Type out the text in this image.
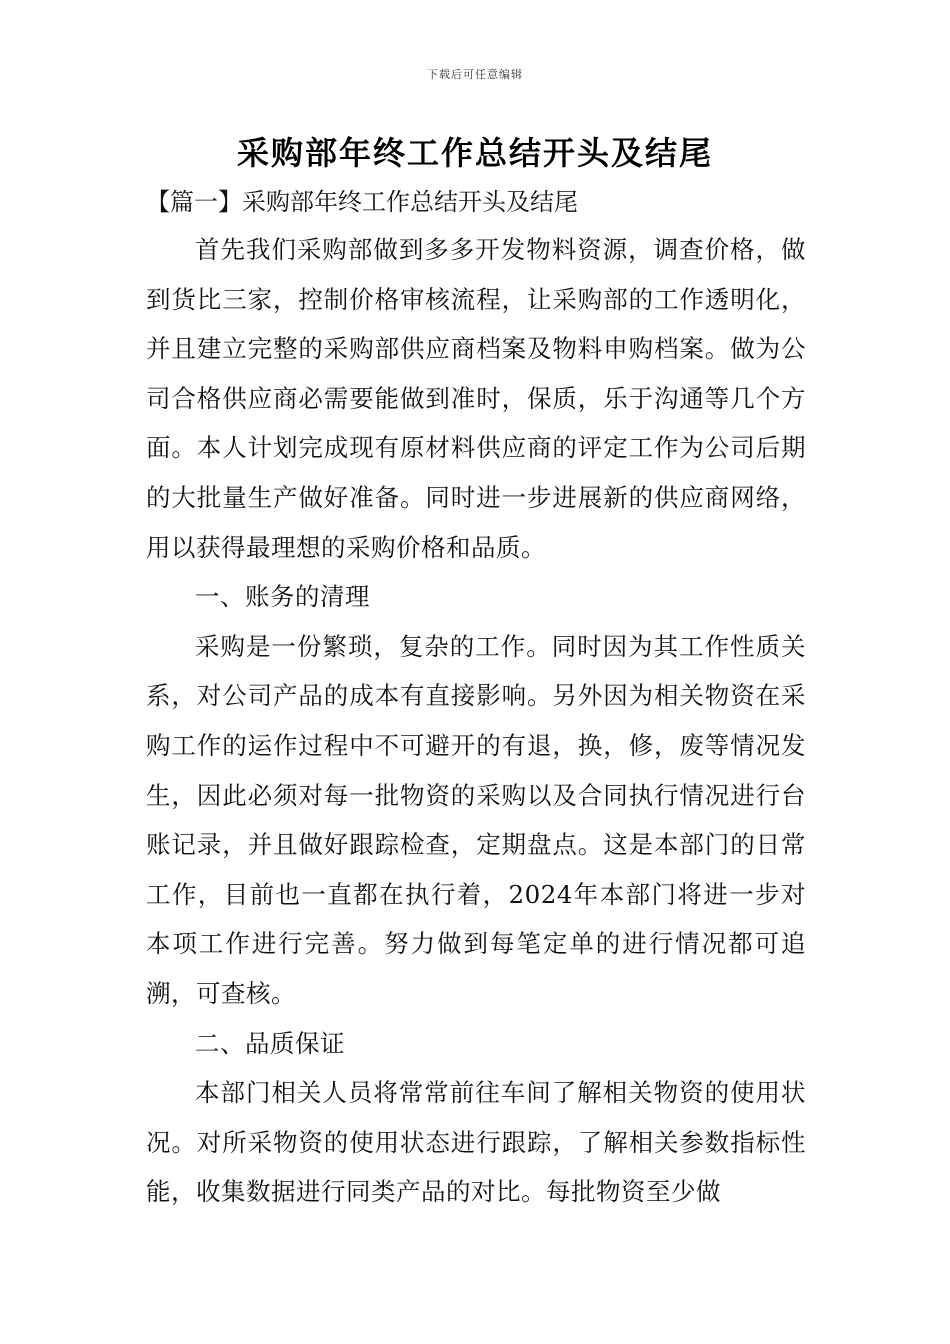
下载后可任意编辑
采购部年终工作总结开头及结尾
【篇一】采购部年终工作总结开头及结尾

首先我们采购部做到多多开发物料资源，调查价格，做到货比三家，控制价格审核流程，让采购部的工作透明化，并且建立完整的采购部供应商档案及物料申购档案。做为公司合格供应商必需要能做到准时，保质，乐于沟通等几个方面。本人计划完成现有原材料供应商的评定工作为公司后期的大批量生产做好准备。同时进一步进展新的供应商网络，用以获得最理想的采购价格和品质。

一、账务的清理

采购是一份繁琐，复杂的工作。同时因为其工作性质关系，对公司产品的成本有直接影响。另外因为相关物资在采购工作的运作过程中不可避开的有退，换，修，废等情况发生，因此必须对每一批物资的采购以及合同执行情况进行台账记录，并且做好跟踪检查，定期盘点。这是本部门的日常工作，目前也一直都在执行着，2024年本部门将进一步对本项工作进行完善。努力做到每笔定单的进行情况都可追溯，可查核。

二、品质保证

本部门相关人员将常常前往车间了解相关物资的使用状况。对所采物资的使用状态进行跟踪，了解相关参数指标性能，收集数据进行同类产品的对比。每批物资至少做
